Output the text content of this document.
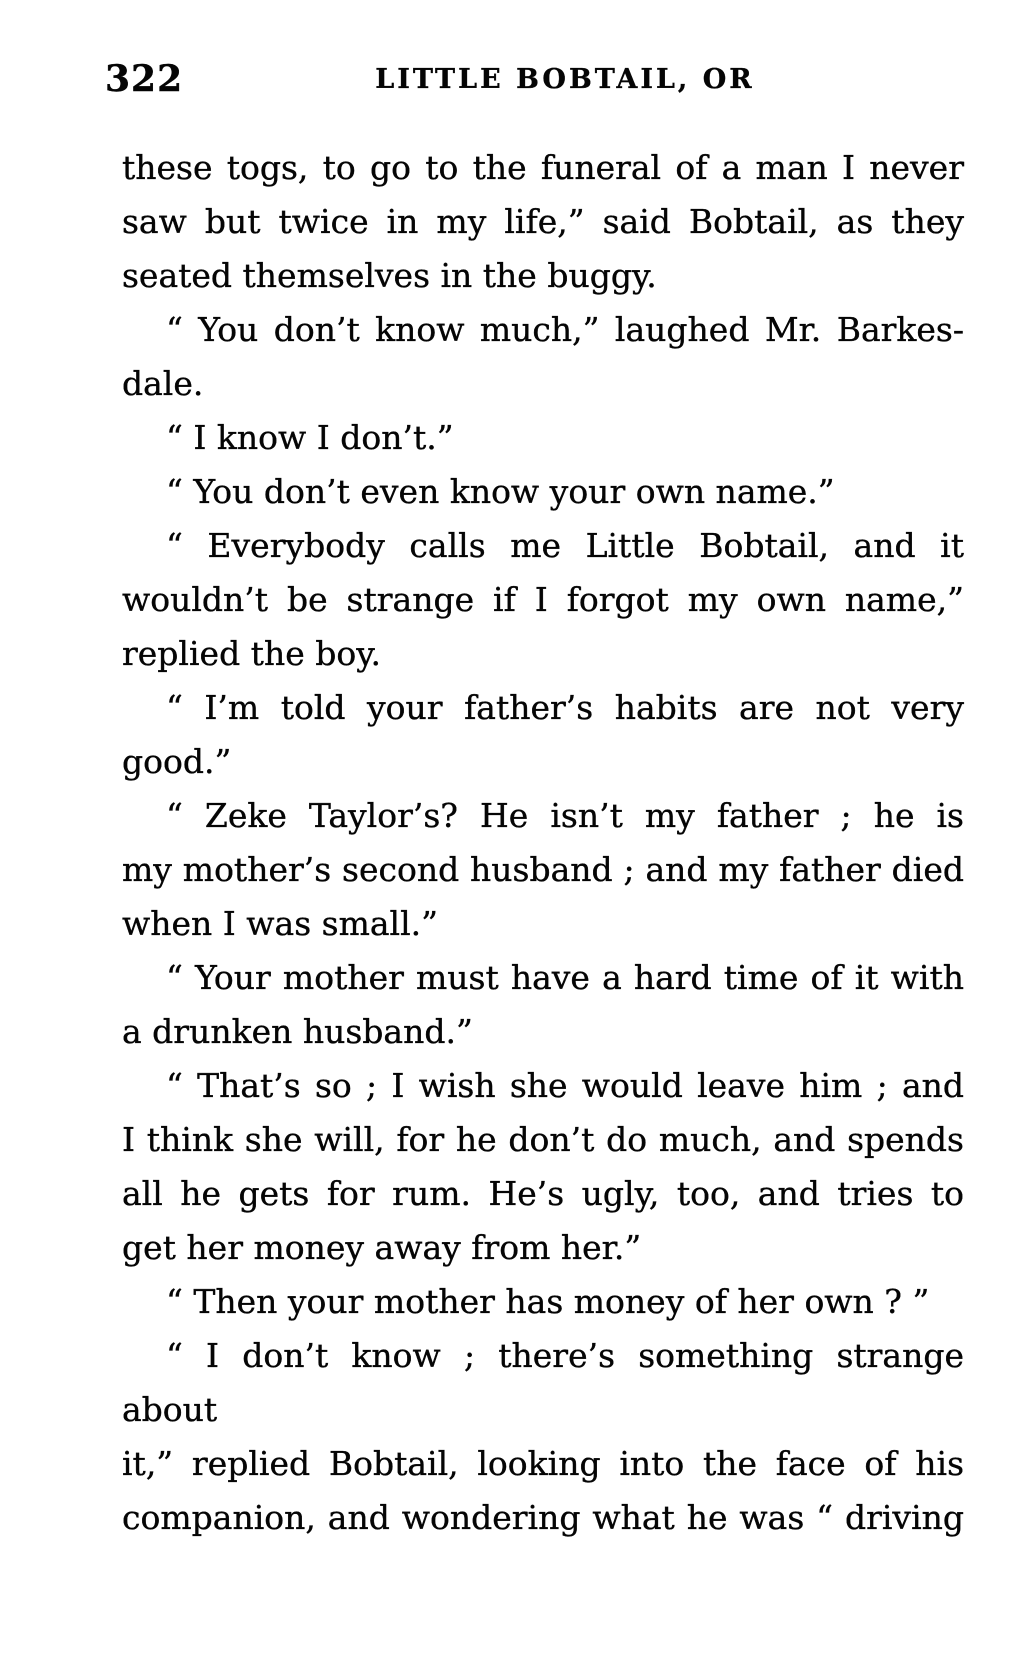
322	LITTLE BOBTAIL, OR
these togs, to go to the funeral of a man I never
saw but twice in my life,” said Bobtail, as they
seated themselves in the buggy.
“ You don’t know much,” laughed Mr. Barkes-
dale.
“ I know I don’t.”
“ You don’t even know your own name.”
“ Everybody calls me Little Bobtail, and it
wouldn’t be strange if I forgot my own name,”
replied the boy.
“ I’m told your father’s habits are not very
good.”
“ Zeke Taylor’s? He isn’t my father ; he is
my mother’s second husband ; and my father died
when I was small.”
“ Your mother must have a hard time of it with
a drunken husband.”
“ That’s so ; I wish she would leave him ; and
I think she will, for he don’t do much, and spends
all he gets for rum. He’s ugly, too, and tries to
get her money away from her.”
“ Then your mother has money of her own ? ”
“ I don’t know ; there’s something strange about
it,” replied Bobtail, looking into the face of his
companion, and wondering what he was “ driving
